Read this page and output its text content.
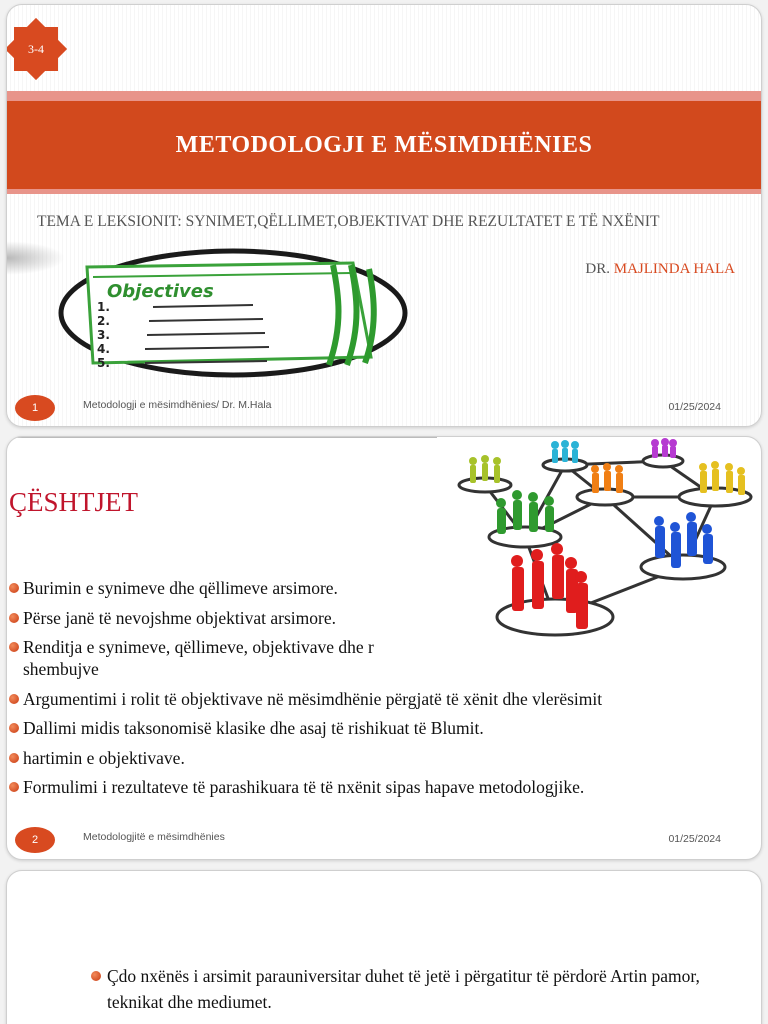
3-4
METODOLOGJI E MËSIMDHËNIES
TEMA E LEKSIONIT: SYNIMET,QËLLIMET,OBJEKTIVAT DHE REZULTATET E TË NXËNIT
DR. MAJLINDA HALA
Objectives
1.
2.
3.
4.
5.
1	Metodologji e mësimdhënies/ Dr. M.Hala	01/25/2024
ÇËSHTJET
Burimin e synimeve dhe qëllimeve arsimore.
Përse janë të nevojshme objektivat arsimore.
Renditja e synimeve, qëllimeve, objektivave dhe r shembujve
Argumentimi i rolit të objektivave në mësimdhënie përgjatë të xënit dhe vlerësimit
Dallimi midis taksonomisë klasike dhe asaj të rishikuat të Blumit.
hartimin e objektivave.
Formulimi i rezultateve të parashikuara të të nxënit sipas hapave metodologjike.
2	Metodologjitë e mësimdhënies	01/25/2024
Çdo nxënës i arsimit parauniversitar duhet të jetë i përgatitur të përdorë Artin pamor, teknikat dhe mediumet.
